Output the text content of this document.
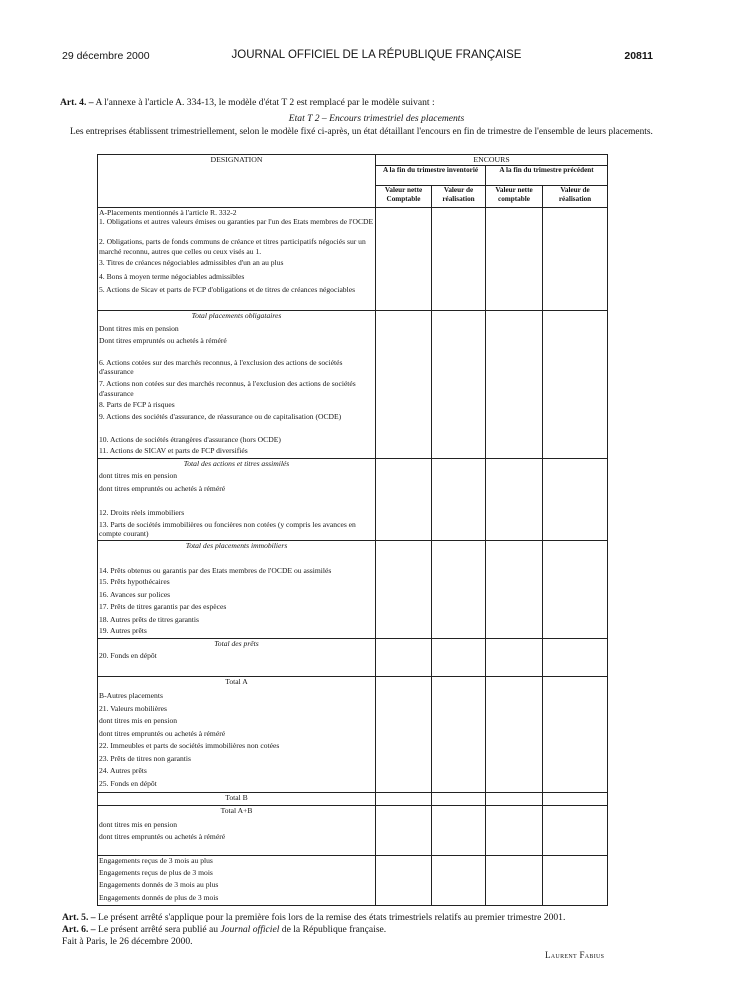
29 décembre 2000	JOURNAL OFFICIEL DE LA RÉPUBLIQUE FRANÇAISE	20811
Art. 4. – A l'annexe à l'article A. 334-13, le modèle d'état T 2 est remplacé par le modèle suivant :
Etat T 2 – Encours trimestriel des placements
Les entreprises établissent trimestriellement, selon le modèle fixé ci-après, un état détaillant l'encours en fin de trimestre de l'ensemble de leurs placements.
DESIGNATION	ENCOURS			
	A la fin du trimestre inventorié		A la fin du trimestre précédent	
	Valeur nette Comptable	Valeur de réalisation	Valeur nette comptable	Valeur de réalisation
A-Placements mentionnés à l'article R. 332-2				
1. Obligations et autres valeurs émises ou garanties par l'un des Etats membres de l'OCDE				
2. Obligations, parts de fonds communs de créance et titres participatifs négociés sur un marché reconnu, autres que celles ou ceux visés au 1.				
3. Titres de créances négociables admissibles d'un an au plus				
4. Bons à moyen terme négociables admissibles				
5. Actions de Sicav et parts de FCP d'obligations et de titres de créances négociables				
Total placements obligataires				
Dont titres mis en pension				
Dont titres empruntés ou achetés à réméré				
6. Actions cotées sur des marchés reconnus, à l'exclusion des actions de sociétés d'assurance				
7. Actions non cotées sur des marchés reconnus, à l'exclusion des actions de sociétés d'assurance				
8. Parts de FCP à risques				
9. Actions des sociétés d'assurance, de réassurance ou de capitalisation (OCDE)				
10. Actions de sociétés étrangères d'assurance (hors OCDE)				
11. Actions de SICAV et parts de FCP diversifiés				
Total des actions et titres assimilés				
dont titres mis en pension				
dont titres empruntés ou achetés à réméré				
12. Droits réels immobiliers				
13. Parts de sociétés immobilières ou foncières non cotées (y compris les avances en compte courant)				
Total des placements immobiliers				
14. Prêts obtenus ou garantis par des Etats membres de l'OCDE ou assimilés				
15. Prêts hypothécaires				
16. Avances sur polices				
17. Prêts de titres garantis par des espèces				
18. Autres prêts de titres garantis				
19. Autres prêts				
Total des prêts				
20. Fonds en dépôt				
Total A				
B-Autres placements				
21. Valeurs mobilières				
dont titres mis en pension				
dont titres empruntés ou achetés à réméré				
22. Immeubles et parts de sociétés immobilières non cotées				
23. Prêts de titres non garantis				
24. Autres prêts				
25. Fonds en dépôt				
Total B				
Total A+B				
dont titres mis en pension				
dont titres empruntés ou achetés à réméré				
Engagements reçus de 3 mois au plus				
Engagements reçus de plus de 3 mois				
Engagements donnés de 3 mois au plus				
Engagements donnés de plus de 3 mois				
Art. 5. – Le présent arrêté s'applique pour la première fois lors de la remise des états trimestriels relatifs au premier trimestre 2001.
Art. 6. – Le présent arrêté sera publié au Journal officiel de la République française.
Fait à Paris, le 26 décembre 2000.
Laurent Fabius
